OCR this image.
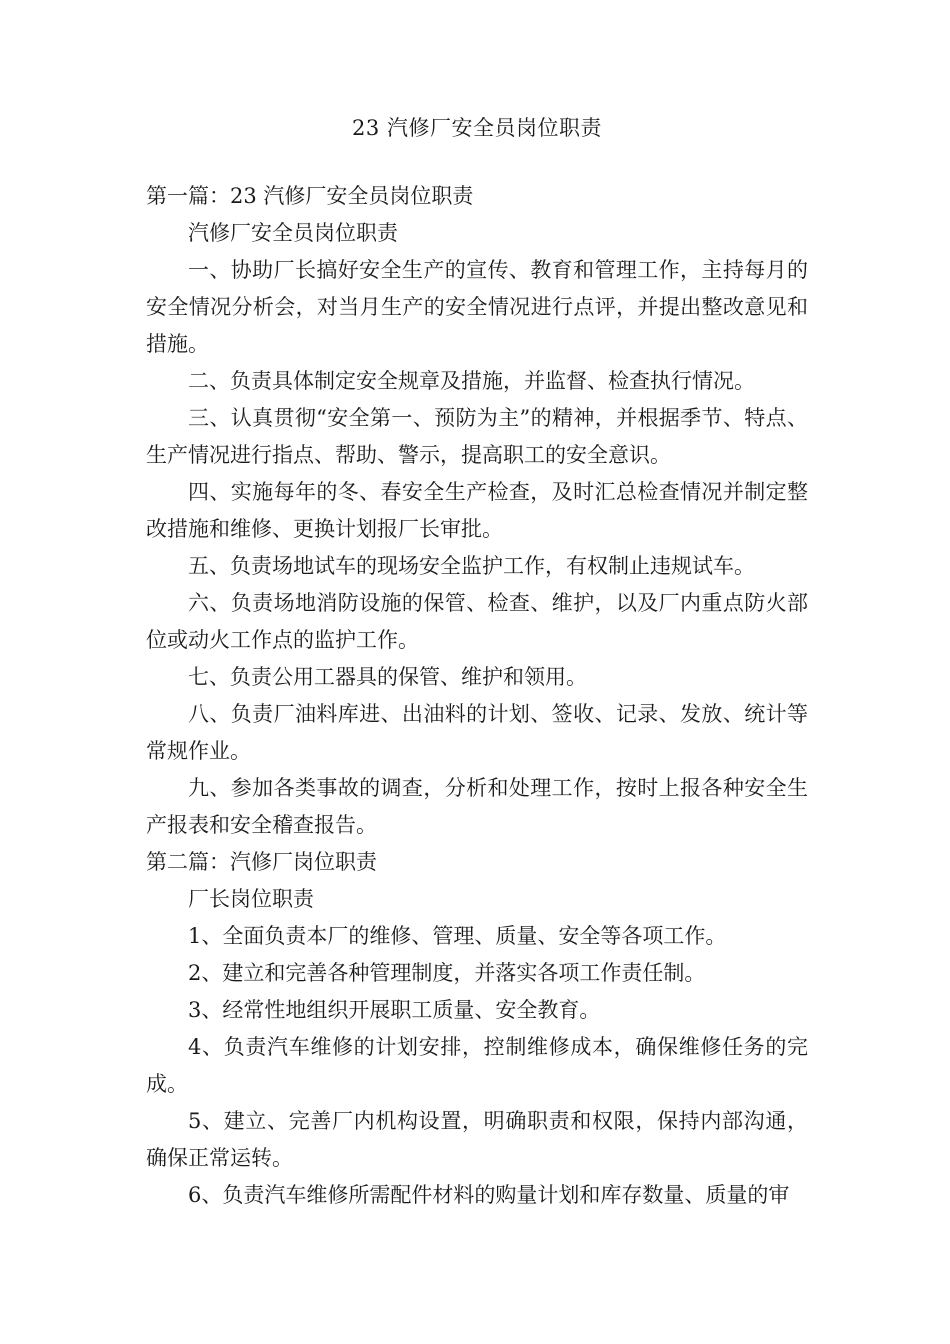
23 汽修厂安全员岗位职责

第一篇：23 汽修厂安全员岗位职责

汽修厂安全员岗位职责

一、协助厂长搞好安全生产的宣传、教育和管理工作，主持每月的安全情况分析会，对当月生产的安全情况进行点评，并提出整改意见和措施。

二、负责具体制定安全规章及措施，并监督、检查执行情况。

三、认真贯彻“安全第一、预防为主”的精神，并根据季节、特点、生产情况进行指点、帮助、警示，提高职工的安全意识。

四、实施每年的冬、春安全生产检查，及时汇总检查情况并制定整改措施和维修、更换计划报厂长审批。

五、负责场地试车的现场安全监护工作，有权制止违规试车。

六、负责场地消防设施的保管、检查、维护，以及厂内重点防火部位或动火工作点的监护工作。

七、负责公用工器具的保管、维护和领用。

八、负责厂油料库进、出油料的计划、签收、记录、发放、统计等常规作业。

九、参加各类事故的调查，分析和处理工作，按时上报各种安全生产报表和安全稽查报告。

第二篇：汽修厂岗位职责

厂长岗位职责

1、全面负责本厂的维修、管理、质量、安全等各项工作。

2、建立和完善各种管理制度，并落实各项工作责任制。

3、经常性地组织开展职工质量、安全教育。

4、负责汽车维修的计划安排，控制维修成本，确保维修任务的完成。

5、建立、完善厂内机构设置，明确职责和权限，保持内部沟通，确保正常运转。

6、负责汽车维修所需配件材料的购量计划和库存数量、质量的审
